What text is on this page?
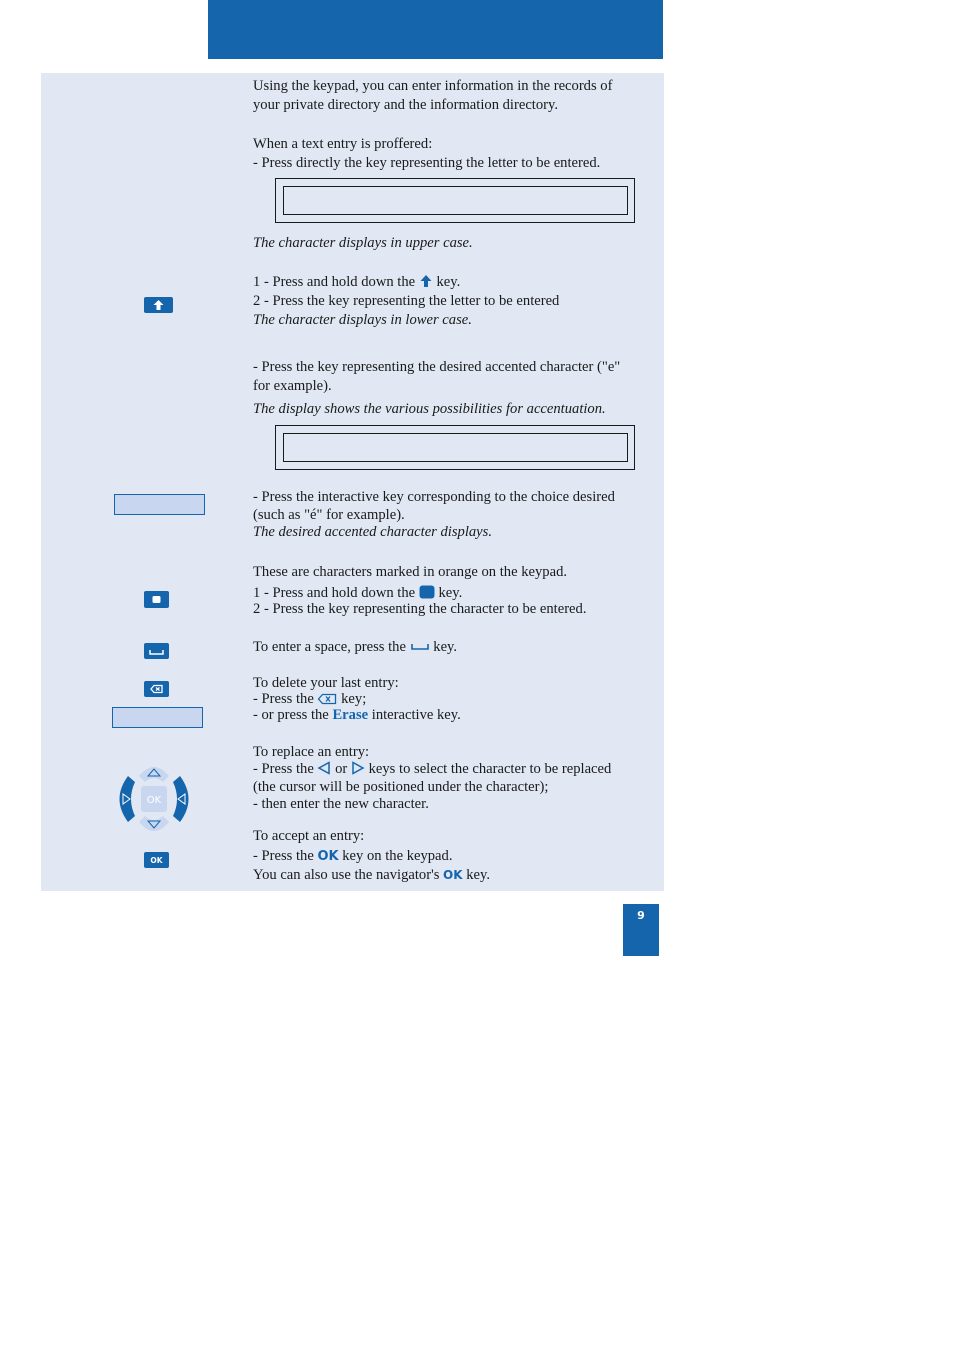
Using the keypad, you can enter information in the records of

your private directory and the information directory.

When a text entry is proffered:

- Press directly the key representing the letter to be entered.

The character displays in upper case.

1 - Press and hold down the key.

2 - Press the key representing the letter to be entered

The character displays in lower case.

- Press the key representing the desired accented character ("e"

for example).

The display shows the various possibilities for accentuation.

- Press the interactive key corresponding to the choice desired

(such as "é" for example).

The desired accented character displays.

These are characters marked in orange on the keypad.

1 - Press and hold down the key.

2 - Press the key representing the character to be entered.

To enter a space, press the key.

To delete your last entry:

- Press the key;

- or press the Erase interactive key.

OK

To replace an entry:

- Press the or keys to select the character to be replaced

(the cursor will be positioned under the character);

- then enter the new character.

OK

To accept an entry:

- Press the OK key on the keypad.

You can also use the navigator's OK key.

9
